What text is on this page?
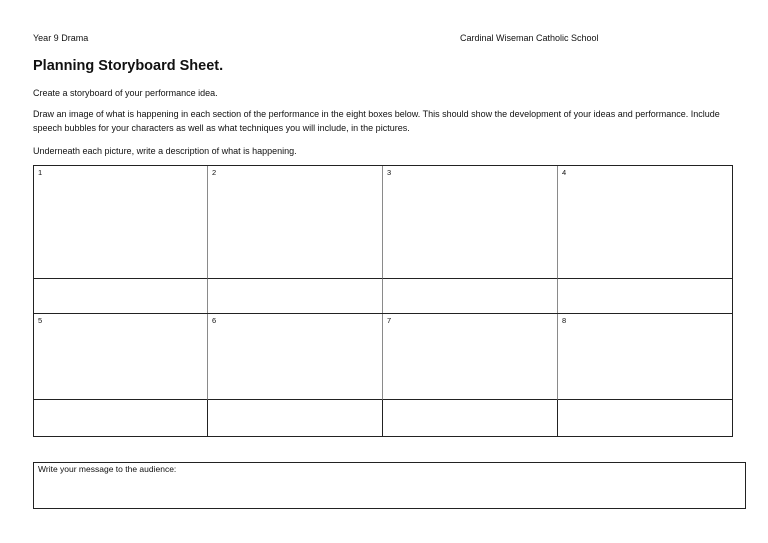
Year 9 Drama	Cardinal Wiseman Catholic School
Planning Storyboard Sheet.
Create a storyboard of your performance idea.
Draw an image of what is happening in each section of the performance in the eight boxes below. This should show the development of your ideas and performance. Include speech bubbles for your characters as well as what techniques you will include, in the pictures.
Underneath each picture, write a description of what is happening.
1	2	3	4
5	6	7	8
Write your message to the audience:
